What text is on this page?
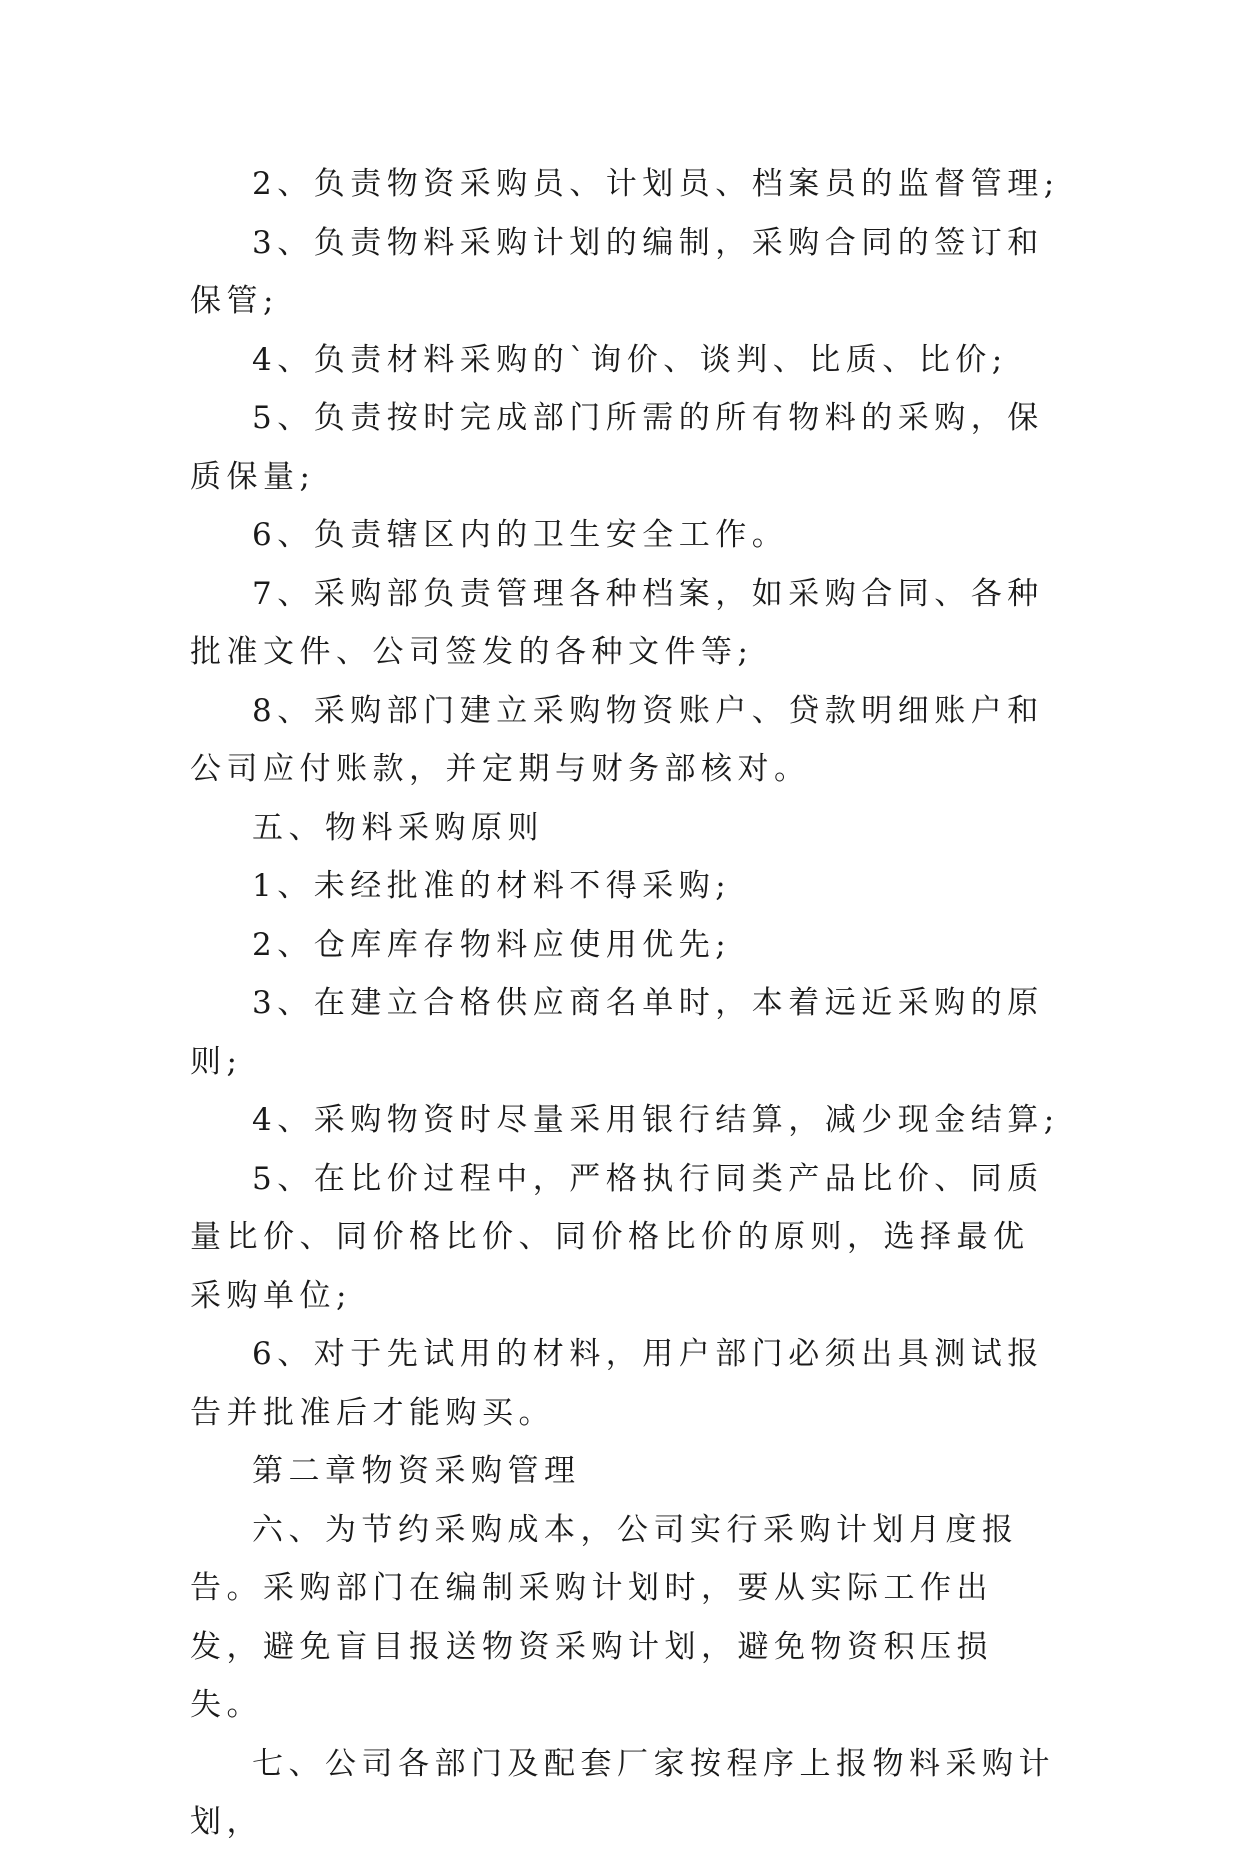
2、负责物资采购员、计划员、档案员的监督管理;

3、负责物料采购计划的编制，采购合同的签订和保管;

4、负责材料采购的`询价、谈判、比质、比价;

5、负责按时完成部门所需的所有物料的采购，保质保量;

6、负责辖区内的卫生安全工作。

7、采购部负责管理各种档案，如采购合同、各种批准文件、公司签发的各种文件等;

8、采购部门建立采购物资账户、贷款明细账户和公司应付账款，并定期与财务部核对。

五、物料采购原则

1、未经批准的材料不得采购;

2、仓库库存物料应使用优先;

3、在建立合格供应商名单时，本着远近采购的原则;

4、采购物资时尽量采用银行结算，减少现金结算;

5、在比价过程中，严格执行同类产品比价、同质量比价、同价格比价、同价格比价的原则，选择最优采购单位;

6、对于先试用的材料，用户部门必须出具测试报告并批准后才能购买。

第二章物资采购管理

六、为节约采购成本，公司实行采购计划月度报告。采购部门在编制采购计划时，要从实际工作出发，避免盲目报送物资采购计划，避免物资积压损失。

七、公司各部门及配套厂家按程序上报物料采购计划，
